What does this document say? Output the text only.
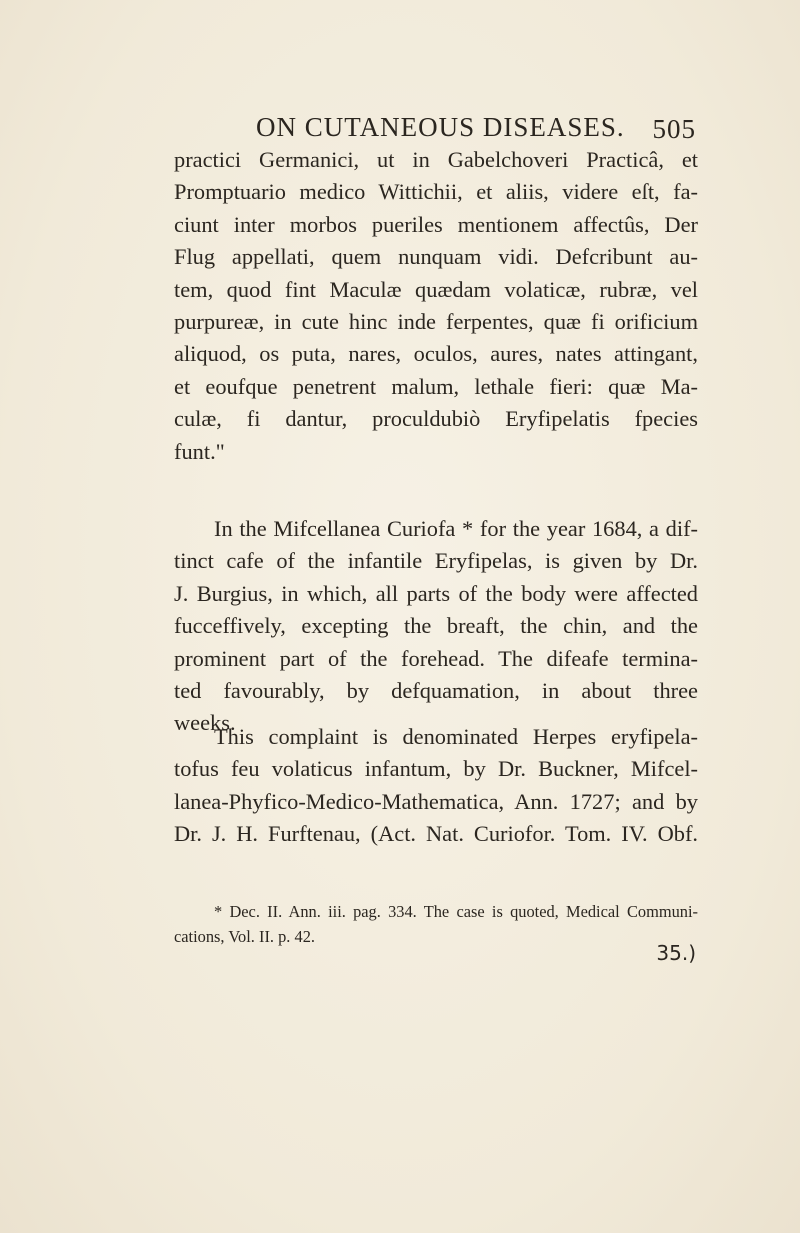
ON CUTANEOUS DISEASES. 505
practici Germanici, ut in Gabelchoveri Practicâ, et
Promptuario medico Wittichii, et aliis, videre eſt, fa-
ciunt inter morbos pueriles mentionem affectûs, Der
Flug appellati, quem nunquam vidi. Defcribunt au-
tem, quod fint Maculæ quædam volaticæ, rubræ, vel
purpureæ, in cute hinc inde ferpentes, quæ fi orificium
aliquod, os puta, nares, oculos, aures, nates attingant,
et eoufque penetrent malum, lethale fieri: quæ Ma-
culæ, fi dantur, proculdubiò Eryfipelatis fpecies
funt."
In the Mifcellanea Curiofa * for the year 1684, a dif-
tinct cafe of the infantile Eryfipelas, is given by Dr.
J. Burgius, in which, all parts of the body were affected
fucceffively, excepting the breaft, the chin, and the
prominent part of the forehead. The difeafe termina-
ted favourably, by defquamation, in about three
weeks.
This complaint is denominated Herpes eryfipela-
tofus feu volaticus infantum, by Dr. Buckner, Mifcel-
lanea-Phyfico-Medico-Mathematica, Ann. 1727; and by
Dr. J. H. Furftenau, (Act. Nat. Curiofor. Tom. IV. Obf.
* Dec. II. Ann. iii. pag. 334. The case is quoted, Medical Communi-
cations, Vol. II. p. 42.
35.)
